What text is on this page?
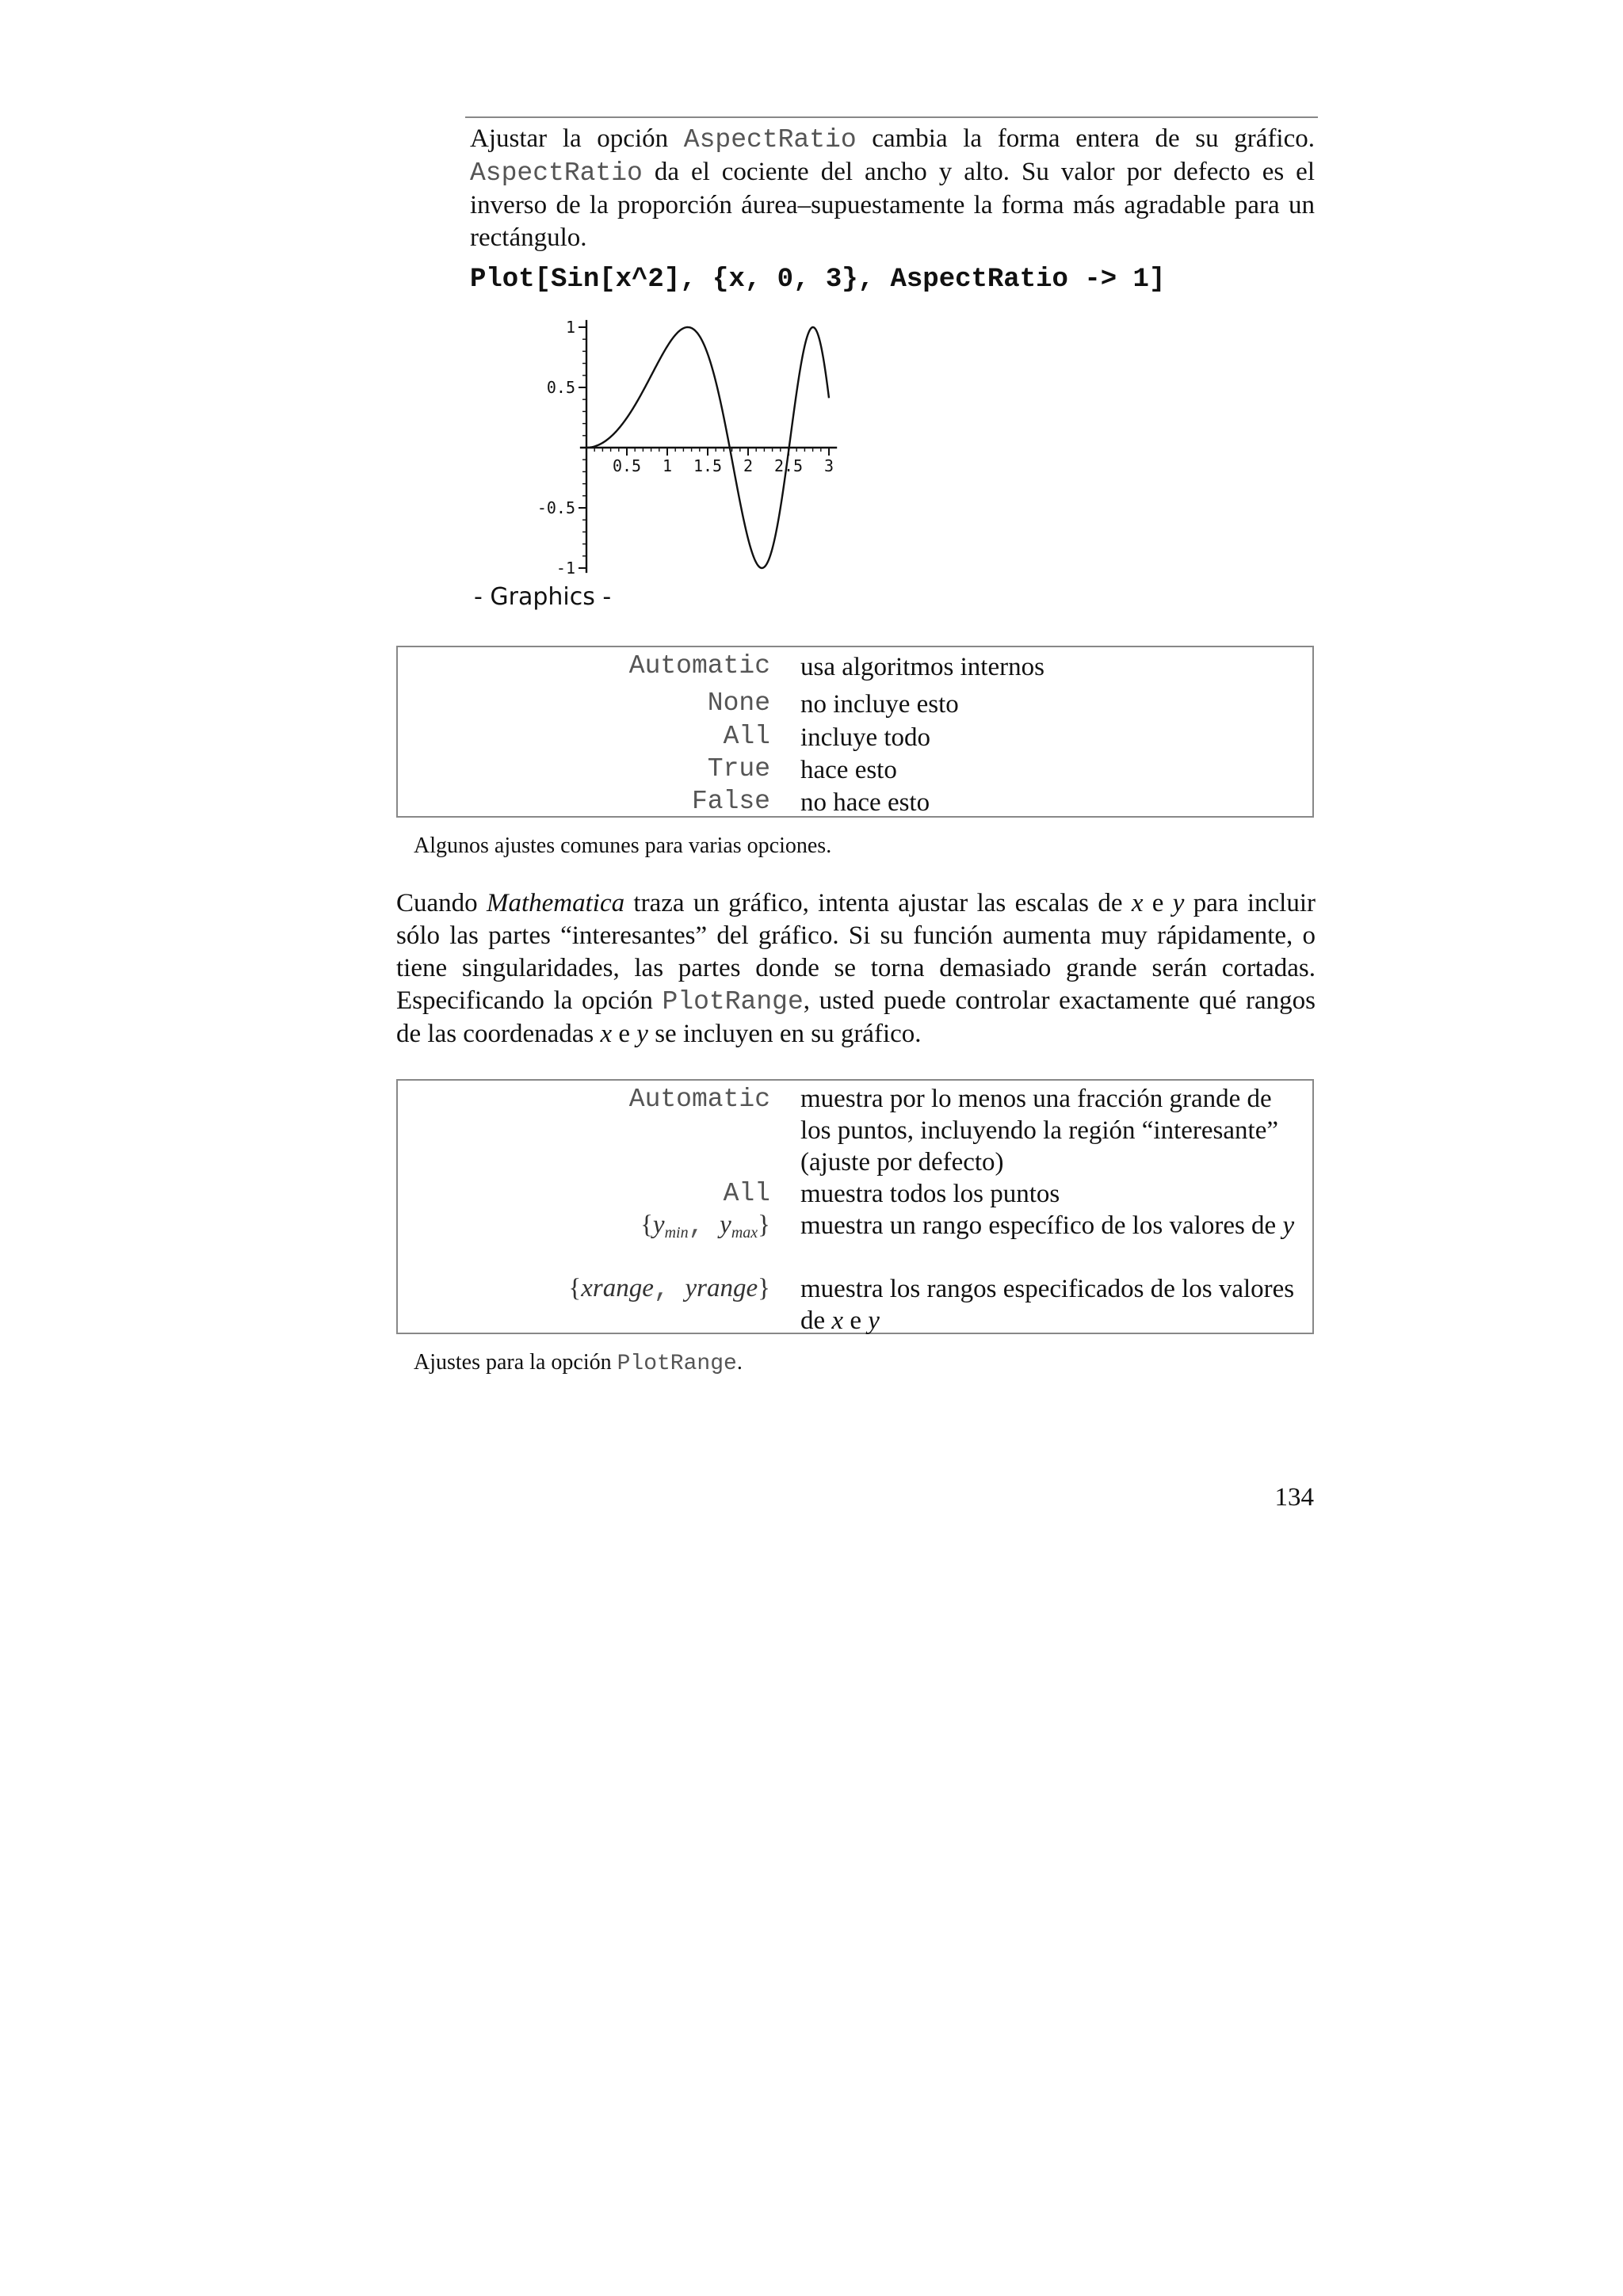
Ajustar la opción AspectRatio cambia la forma entera de su gráfico. AspectRatio da el cociente del ancho y alto. Su valor por defecto es el inverso de la proporción áurea–supuestamente la forma más agradable para un rectángulo.
Plot[Sin[x^2], {x, 0, 3}, AspectRatio -> 1]
0.5 1 1.5 2 2.5 3
-1
-0.5
0.5
1
- Graphics -
Automatic usa algoritmos internos
None no incluye esto
All incluye todo
True hace esto
False no hace esto
Algunos ajustes comunes para varias opciones.
Cuando Mathematica traza un gráfico, intenta ajustar las escalas de x e y para incluir sólo las partes “interesantes” del gráfico. Si su función aumenta muy rápidamente, o tiene singularidades, las partes donde se torna demasiado grande serán cortadas. Especificando la opción PlotRange, usted puede controlar exactamente qué rangos de las coordenadas x e y se incluyen en su gráfico.
Automatic muestra por lo menos una fracción grande de los puntos, incluyendo la región “interesante” (ajuste por defecto)
All muestra todos los puntos
{$y_{min}$, $y_{max}$} muestra un rango específico de los valores de y
{xrange, yrange} muestra los rangos especificados de los valores de x e y
Ajustes para la opción PlotRange.
134
